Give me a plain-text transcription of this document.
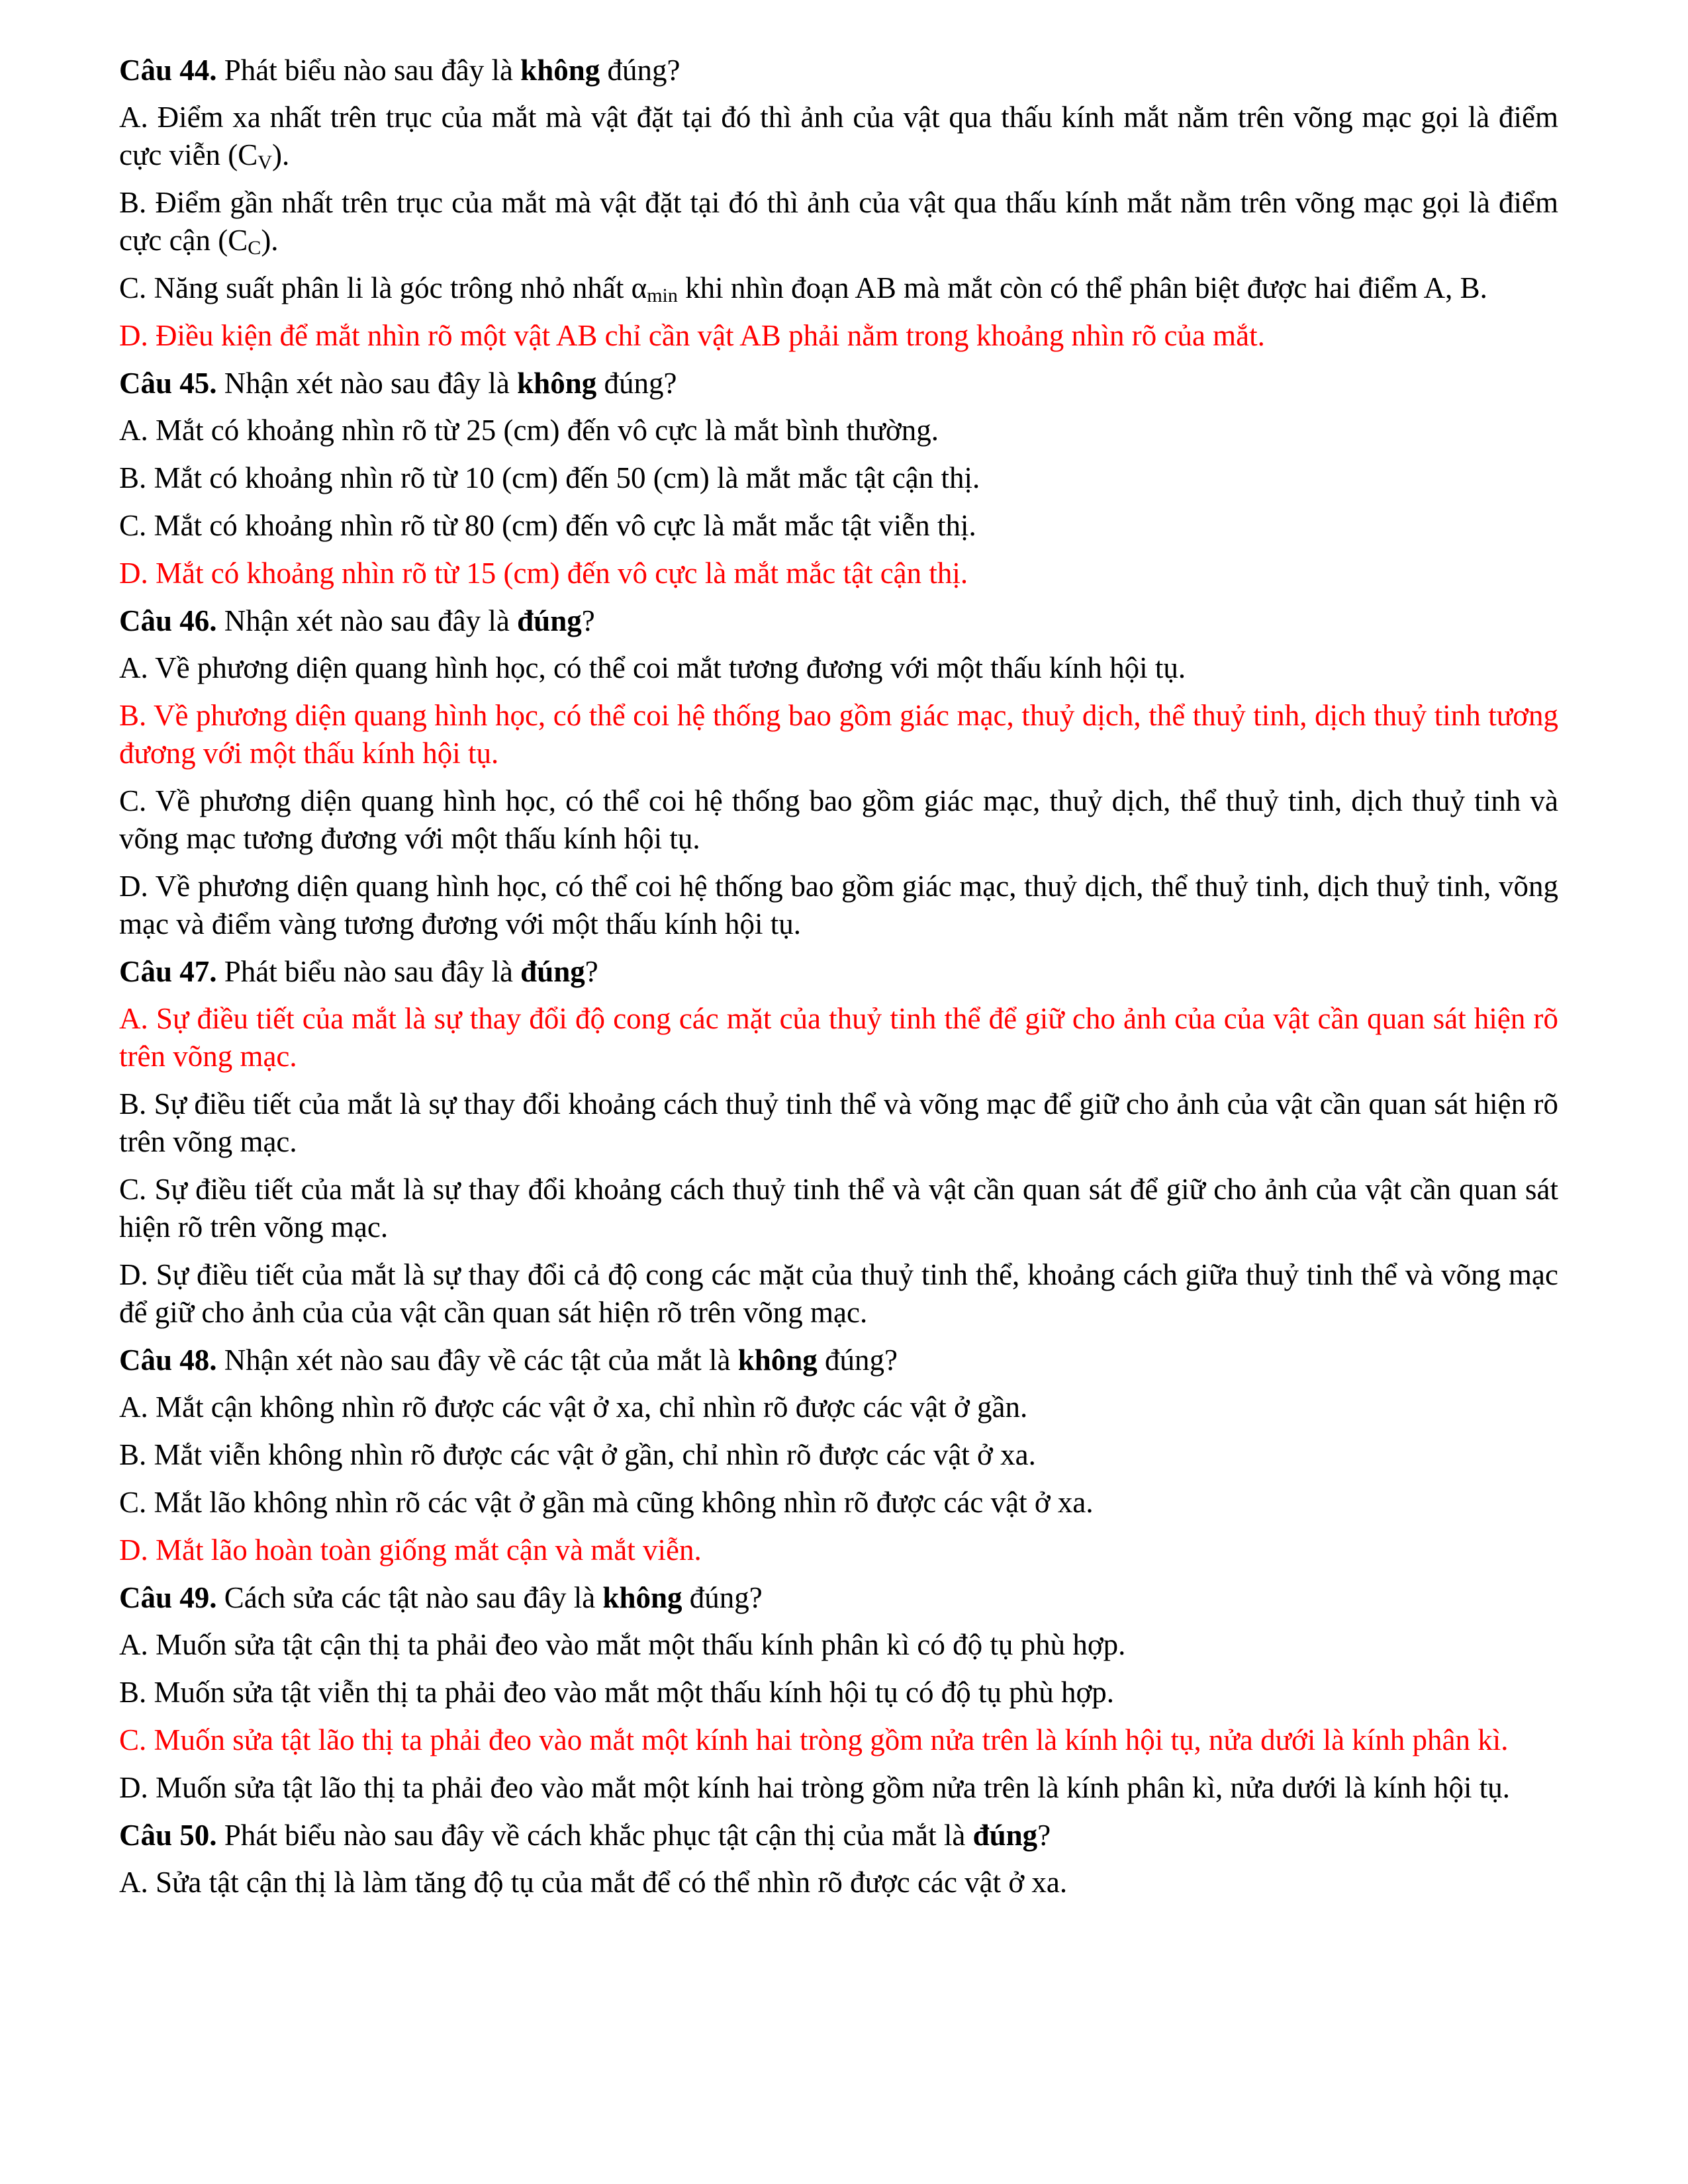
Câu 44. Phát biểu nào sau đây là không đúng?

A. Điểm xa nhất trên trục của mắt mà vật đặt tại đó thì ảnh của vật qua thấu kính mắt nằm trên võng mạc gọi là điểm cực viễn $(C_V)$.

B. Điểm gần nhất trên trục của mắt mà vật đặt tại đó thì ảnh của vật qua thấu kính mắt nằm trên võng mạc gọi là điểm cực cận $(C_C)$.

C. Năng suất phân li là góc trông nhỏ nhất $\alpha_{min}$ khi nhìn đoạn AB mà mắt còn có thể phân biệt được hai điểm A, B.

D. Điều kiện để mắt nhìn rõ một vật AB chỉ cần vật AB phải nằm trong khoảng nhìn rõ của mắt.

Câu 45. Nhận xét nào sau đây là không đúng?

A. Mắt có khoảng nhìn rõ từ 25 (cm) đến vô cực là mắt bình thường.

B. Mắt có khoảng nhìn rõ từ 10 (cm) đến 50 (cm) là mắt mắc tật cận thị.

C. Mắt có khoảng nhìn rõ từ 80 (cm) đến vô cực là mắt mắc tật viễn thị.

D. Mắt có khoảng nhìn rõ từ 15 (cm) đến vô cực là mắt mắc tật cận thị.

Câu 46. Nhận xét nào sau đây là đúng?

A. Về phương diện quang hình học, có thể coi mắt tương đương với một thấu kính hội tụ.

B. Về phương diện quang hình học, có thể coi hệ thống bao gồm giác mạc, thuỷ dịch, thể thuỷ tinh, dịch thuỷ tinh tương đương với một thấu kính hội tụ.

C. Về phương diện quang hình học, có thể coi hệ thống bao gồm giác mạc, thuỷ dịch, thể thuỷ tinh, dịch thuỷ tinh và võng mạc tương đương với một thấu kính hội tụ.

D. Về phương diện quang hình học, có thể coi hệ thống bao gồm giác mạc, thuỷ dịch, thể thuỷ tinh, dịch thuỷ tinh, võng mạc và điểm vàng tương đương với một thấu kính hội tụ.

Câu 47. Phát biểu nào sau đây là đúng?

A. Sự điều tiết của mắt là sự thay đổi độ cong các mặt của thuỷ tinh thể để giữ cho ảnh của của vật cần quan sát hiện rõ trên võng mạc.

B. Sự điều tiết của mắt là sự thay đổi khoảng cách thuỷ tinh thể và võng mạc để giữ cho ảnh của vật cần quan sát hiện rõ trên võng mạc.

C. Sự điều tiết của mắt là sự thay đổi khoảng cách thuỷ tinh thể và vật cần quan sát để giữ cho ảnh của vật cần quan sát hiện rõ trên võng mạc.

D. Sự điều tiết của mắt là sự thay đổi cả độ cong các mặt của thuỷ tinh thể, khoảng cách giữa thuỷ tinh thể và võng mạc để giữ cho ảnh của của vật cần quan sát hiện rõ trên võng mạc.

Câu 48. Nhận xét nào sau đây về các tật của mắt là không đúng?

A. Mắt cận không nhìn rõ được các vật ở xa, chỉ nhìn rõ được các vật ở gần.

B. Mắt viễn không nhìn rõ được các vật ở gần, chỉ nhìn rõ được các vật ở xa.

C. Mắt lão không nhìn rõ các vật ở gần mà cũng không nhìn rõ được các vật ở xa.

D. Mắt lão hoàn toàn giống mắt cận và mắt viễn.

Câu 49. Cách sửa các tật nào sau đây là không đúng?

A. Muốn sửa tật cận thị ta phải đeo vào mắt một thấu kính phân kì có độ tụ phù hợp.

B. Muốn sửa tật viễn thị ta phải đeo vào mắt một thấu kính hội tụ có độ tụ phù hợp.

C. Muốn sửa tật lão thị ta phải đeo vào mắt một kính hai tròng gồm nửa trên là kính hội tụ, nửa dưới là kính phân kì.

D. Muốn sửa tật lão thị ta phải đeo vào mắt một kính hai tròng gồm nửa trên là kính phân kì, nửa dưới là kính hội tụ.

Câu 50. Phát biểu nào sau đây về cách khắc phục tật cận thị của mắt là đúng?

A. Sửa tật cận thị là làm tăng độ tụ của mắt để có thể nhìn rõ được các vật ở xa.
